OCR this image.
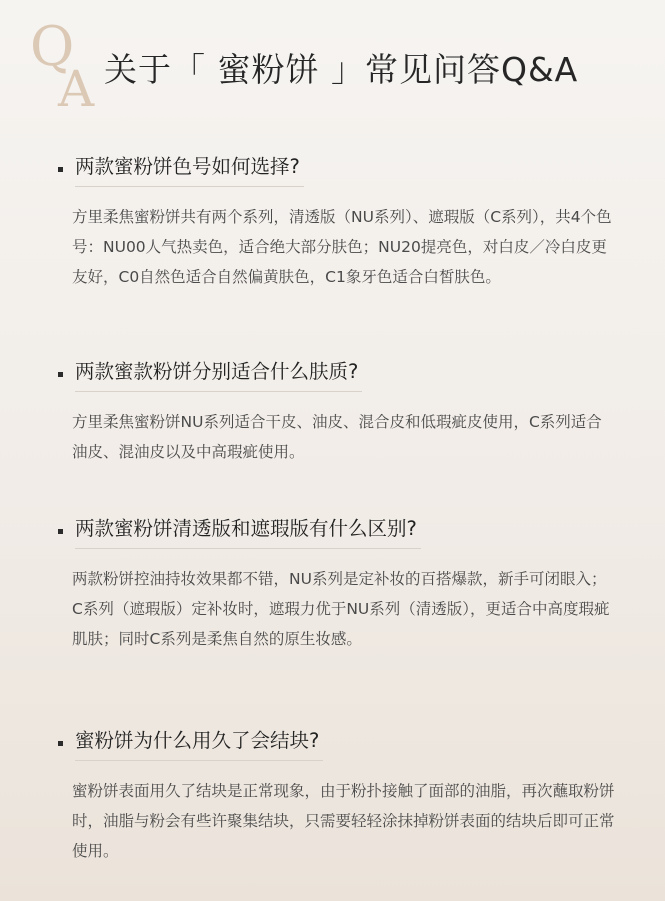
Q
A 关于「 蜜粉饼 」常见问答Q&A
两款蜜粉饼色号如何选择?
方里柔焦蜜粉饼共有两个系列，清透版（NU系列）、遮瑕版（C系列），共4个色号：NU00人气热卖色，适合绝大部分肤色；NU20提亮色，对白皮／冷白皮更友好，C0自然色适合自然偏黄肤色，C1象牙色适合白皙肤色。
两款蜜款粉饼分别适合什么肤质?
方里柔焦蜜粉饼NU系列适合干皮、油皮、混合皮和低瑕疵皮使用，C系列适合油皮、混油皮以及中高瑕疵使用。
两款蜜粉饼清透版和遮瑕版有什么区别?
两款粉饼控油持妆效果都不错，NU系列是定补妆的百搭爆款，新手可闭眼入；C系列（遮瑕版）定补妆时，遮瑕力优于NU系列（清透版），更适合中高度瑕疵肌肤；同时C系列是柔焦自然的原生妆感。
蜜粉饼为什么用久了会结块?
蜜粉饼表面用久了结块是正常现象，由于粉扑接触了面部的油脂，再次蘸取粉饼时，油脂与粉会有些许聚集结块，只需要轻轻涂抹掉粉饼表面的结块后即可正常使用。
